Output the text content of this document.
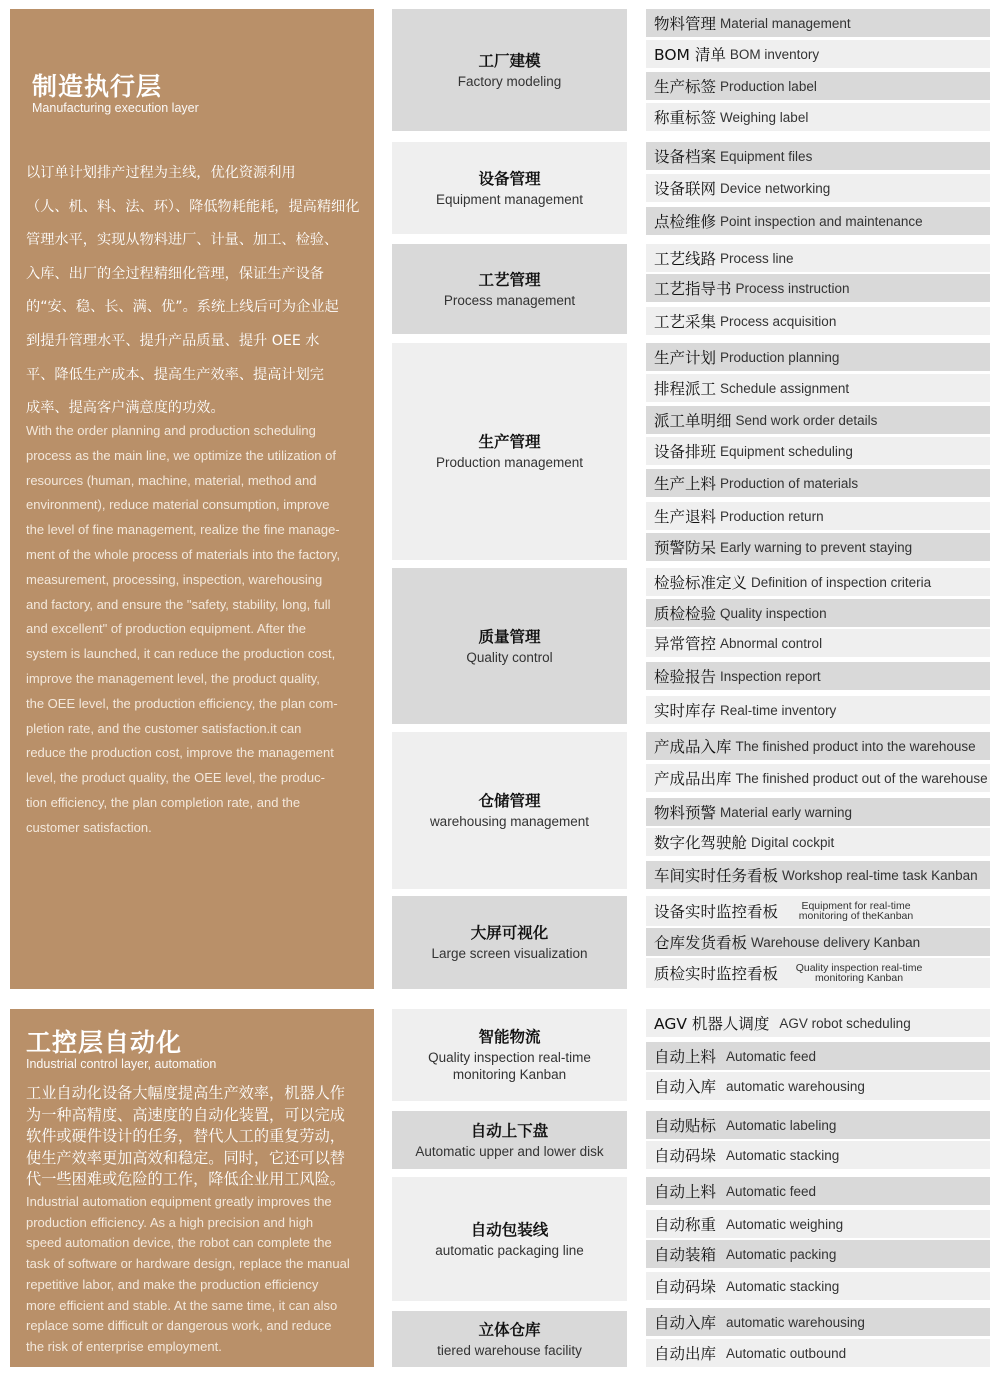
制造执行层
Manufacturing execution layer
以订单计划排产过程为主线，优化资源利用
（人、机、料、法、环）、降低物耗能耗，提高精细化
管理水平，实现从物料进厂、计量、加工、检验、
入库、出厂的全过程精细化管理，保证生产设备
的“安、稳、长、满、优”。系统上线后可为企业起
到提升管理水平、提升产品质量、提升 OEE 水
平、降低生产成本、提高生产效率、提高计划完
成率、提高客户满意度的功效。
With the order planning and production scheduling
process as the main line, we optimize the utilization of
resources (human, machine, material, method and
environment), reduce material consumption, improve
the level of fine management, realize the fine manage-
ment of the whole process of materials into the factory,
measurement, processing, inspection, warehousing
and factory, and ensure the "safety, stability, long, full
and excellent" of production equipment. After the
system is launched, it can reduce the production cost,
improve the management level, the product quality,
the OEE level, the production efficiency, the plan com-
pletion rate, and the customer satisfaction.it can
reduce the production cost, improve the management
level, the product quality, the OEE level, the produc-
tion efficiency, the plan completion rate, and the
customer satisfaction.
工控层自动化
Industrial control layer, automation
工业自动化设备大幅度提高生产效率，机器人作
为一种高精度、高速度的自动化装置，可以完成
软件或硬件设计的任务，替代人工的重复劳动，
使生产效率更加高效和稳定。同时，它还可以替
代一些困难或危险的工作，降低企业用工风险。
Industrial automation equipment greatly improves the
production efficiency. As a high precision and high
speed automation device, the robot can complete the
task of software or hardware design, replace the manual
repetitive labor, and make the production efficiency
more efficient and stable. At the same time, it can also
replace some difficult or dangerous work, and reduce
the risk of enterprise employment.
工厂建模
Factory modeling
设备管理
Equipment management
工艺管理
Process management
生产管理
Production management
质量管理
Quality control
仓储管理
warehousing management
大屏可视化
Large screen visualization
智能物流
Quality inspection real-time monitoring Kanban
自动上下盘
Automatic upper and lower disk
自动包装线
automatic packaging line
立体仓库
tiered warehouse facility
物料管理 Material management
BOM 清单 BOM inventory
生产标签 Production label
称重标签 Weighing label
设备档案 Equipment files
设备联网 Device networking
点检维修 Point inspection and maintenance
工艺线路 Process line
工艺指导书 Process instruction
工艺采集 Process acquisition
生产计划 Production planning
排程派工 Schedule assignment
派工单明细 Send work order details
设备排班 Equipment scheduling
生产上料 Production of materials
生产退料 Production return
预警防呆 Early warning to prevent staying
检验标准定义 Definition of inspection criteria
质检检验 Quality inspection
异常管控 Abnormal control
检验报告 Inspection report
实时库存 Real-time inventory
产成品入库 The finished product into the warehouse
产成品出库 The finished product out of the warehouse
物料预警 Material early warning
数字化驾驶舱 Digital cockpit
车间实时任务看板 Workshop real-time task Kanban
设备实时监控看板	Equipment for real-time monitoring of theKanban
仓库发货看板 Warehouse delivery Kanban
质检实时监控看板	Quality inspection real-time monitoring Kanban
AGV 机器人调度 AGV robot scheduling
自动上料 Automatic feed
自动入库 automatic warehousing
自动贴标 Automatic labeling
自动码垛 Automatic stacking
自动上料 Automatic feed
自动称重 Automatic weighing
自动装箱 Automatic packing
自动码垛 Automatic stacking
自动入库 automatic warehousing
自动出库 Automatic outbound
